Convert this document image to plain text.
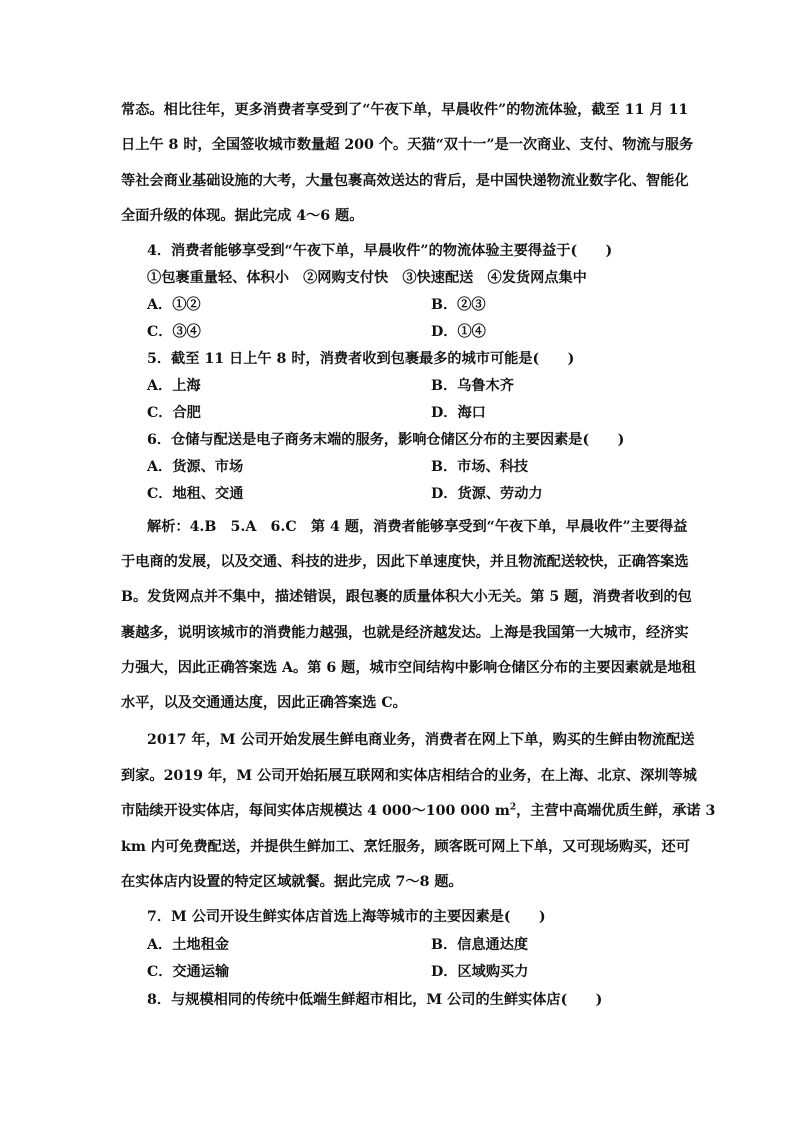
常态。相比往年，更多消费者享受到了“午夜下单，早晨收件”的物流体验，截至 11 月 11
日上午 8 时，全国签收城市数量超 200 个。天猫“双十一”是一次商业、支付、物流与服务
等社会商业基础设施的大考，大量包裹高效送达的背后，是中国快递物流业数字化、智能化
全面升级的体现。据此完成 4～6 题。
4．消费者能够享受到“午夜下单，早晨收件”的物流体验主要得益于(　　)
①包裹重量轻、体积小　②网购支付快　③快速配送　④发货网点集中
A．①②	B．②③
C．③④	D．①④
5．截至 11 日上午 8 时，消费者收到包裹最多的城市可能是(　　)
A．上海	B．乌鲁木齐
C．合肥	D．海口
6．仓储与配送是电子商务末端的服务，影响仓储区分布的主要因素是(　　)
A．货源、市场	B．市场、科技
C．地租、交通	D．货源、劳动力
解析：4.B　5.A　6.C　第 4 题，消费者能够享受到“午夜下单，早晨收件”主要得益
于电商的发展，以及交通、科技的进步，因此下单速度快，并且物流配送较快，正确答案选
B。发货网点并不集中，描述错误，跟包裹的质量体积大小无关。第 5 题，消费者收到的包
裹越多，说明该城市的消费能力越强，也就是经济越发达。上海是我国第一大城市，经济实
力强大，因此正确答案选 A。第 6 题，城市空间结构中影响仓储区分布的主要因素就是地租
水平，以及交通通达度，因此正确答案选 C。
2017 年，M 公司开始发展生鲜电商业务，消费者在网上下单，购买的生鲜由物流配送
到家。2019 年，M 公司开始拓展互联网和实体店相结合的业务，在上海、北京、深圳等城
市陆续开设实体店，每间实体店规模达 4 000～100 000 $m^2$，主营中高端优质生鲜，承诺 3
km 内可免费配送，并提供生鲜加工、烹饪服务，顾客既可网上下单，又可现场购买，还可
在实体店内设置的特定区域就餐。据此完成 7～8 题。
7．M 公司开设生鲜实体店首选上海等城市的主要因素是(　　)
A．土地租金	B．信息通达度
C．交通运输	D．区域购买力
8．与规模相同的传统中低端生鲜超市相比，M 公司的生鲜实体店(　　)
